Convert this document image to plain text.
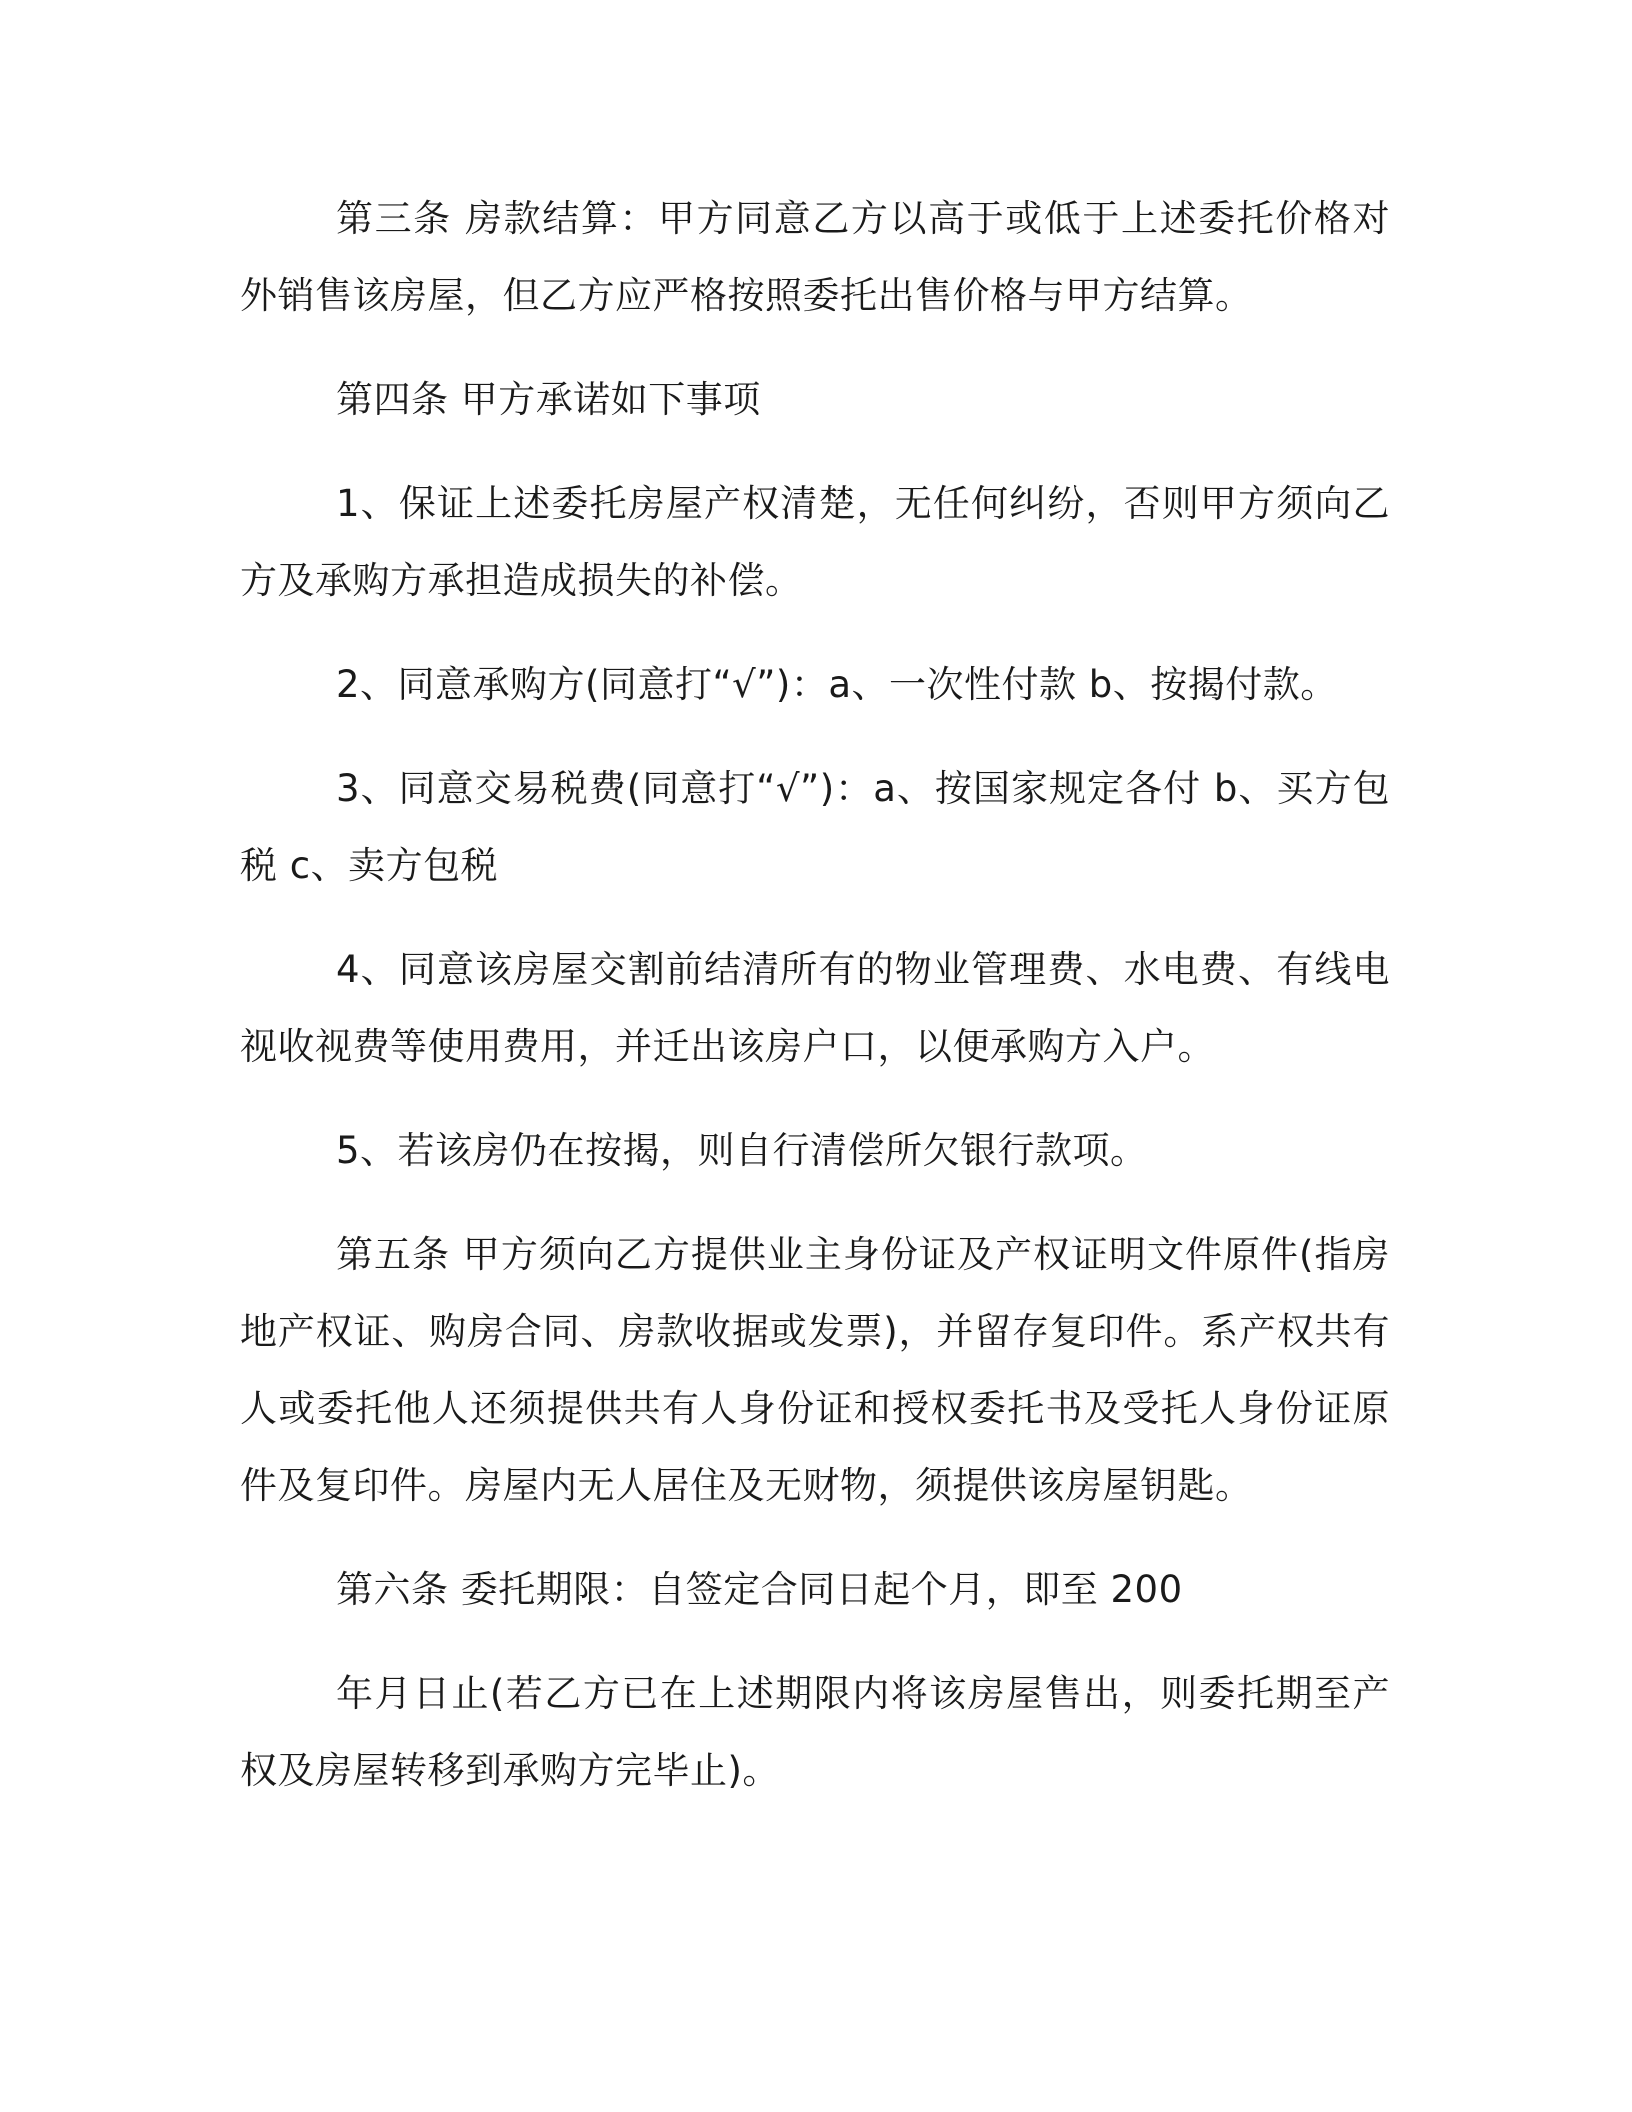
第三条 房款结算：甲方同意乙方以高于或低于上述委托价格对外销售该房屋，但乙方应严格按照委托出售价格与甲方结算。

第四条 甲方承诺如下事项

1、保证上述委托房屋产权清楚，无任何纠纷，否则甲方须向乙方及承购方承担造成损失的补偿。

2、同意承购方(同意打“√”)：a、一次性付款 b、按揭付款。

3、同意交易税费(同意打“√”)：a、按国家规定各付 b、买方包税 c、卖方包税

4、同意该房屋交割前结清所有的物业管理费、水电费、有线电视收视费等使用费用，并迁出该房户口，以便承购方入户。

5、若该房仍在按揭，则自行清偿所欠银行款项。

第五条 甲方须向乙方提供业主身份证及产权证明文件原件(指房地产权证、购房合同、房款收据或发票)，并留存复印件。系产权共有人或委托他人还须提供共有人身份证和授权委托书及受托人身份证原件及复印件。房屋内无人居住及无财物，须提供该房屋钥匙。

第六条 委托期限：自签定合同日起个月，即至 200

年月日止(若乙方已在上述期限内将该房屋售出，则委托期至产权及房屋转移到承购方完毕止)。
